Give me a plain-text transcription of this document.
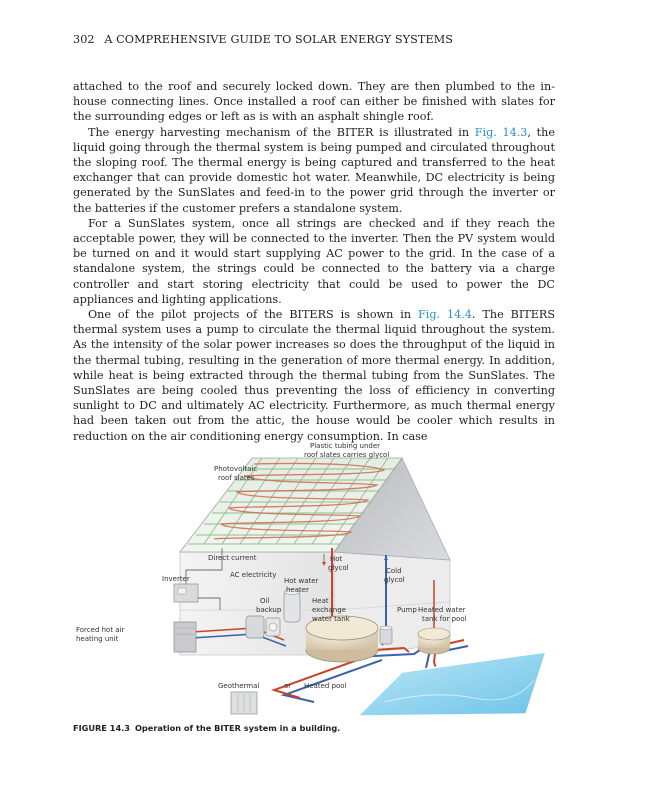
302 A COMPREHENSIVE GUIDE TO SOLAR ENERGY SYSTEMS

attached to the roof and securely locked down. They are then plumbed to the in-house connecting lines. Once installed a roof can either be finished with slates for the surrounding edges or left as is with an asphalt shingle roof.

The energy harvesting mechanism of the BITER is illustrated in Fig. 14.3, the liquid going through the thermal system is being pumped and circulated throughout the sloping roof. The thermal energy is being captured and transferred to the heat exchanger that can provide domestic hot water. Meanwhile, DC electricity is being generated by the SunSlates and feed-in to the power grid through the inverter or the batteries if the customer prefers a standalone system.

For a SunSlates system, once all strings are checked and if they reach the acceptable power, they will be connected to the inverter. Then the PV system would be turned on and it would start supplying AC power to the grid. In the case of a standalone system, the strings could be connected to the battery via a charge controller and start storing electricity that could be used to power the DC appliances and lighting applications.

One of the pilot projects of the BITERS is shown in Fig. 14.4. The BITERS thermal system uses a pump to circulate the thermal liquid throughout the system. As the intensity of the solar power increases so does the throughput of the liquid in the thermal tubing, resulting in the generation of more thermal energy. In addition, while heat is being extracted through the thermal tubing from the SunSlates. The SunSlates are being cooled thus preventing the loss of efficiency in converting sunlight to DC and ultimately AC electricity. Furthermore, as much thermal energy had been taken out from the attic, the house would be cooler which results in reduction on the air conditioning energy consumption. In case

Plastic tubing under
roof slates carries glycol
Photovoltaic
roof slates
Direct current	Hot
glycol
AC electricity	Cold
glycol
Inverter	Hot water
heater
Oil
backup
Heat
exchange
water tank
Pump Heated water
tank for pool
Forced hot air
heating unit
Geothermal	or Heated pool
FIGURE 14.3 Operation of the BITER system in a building.
